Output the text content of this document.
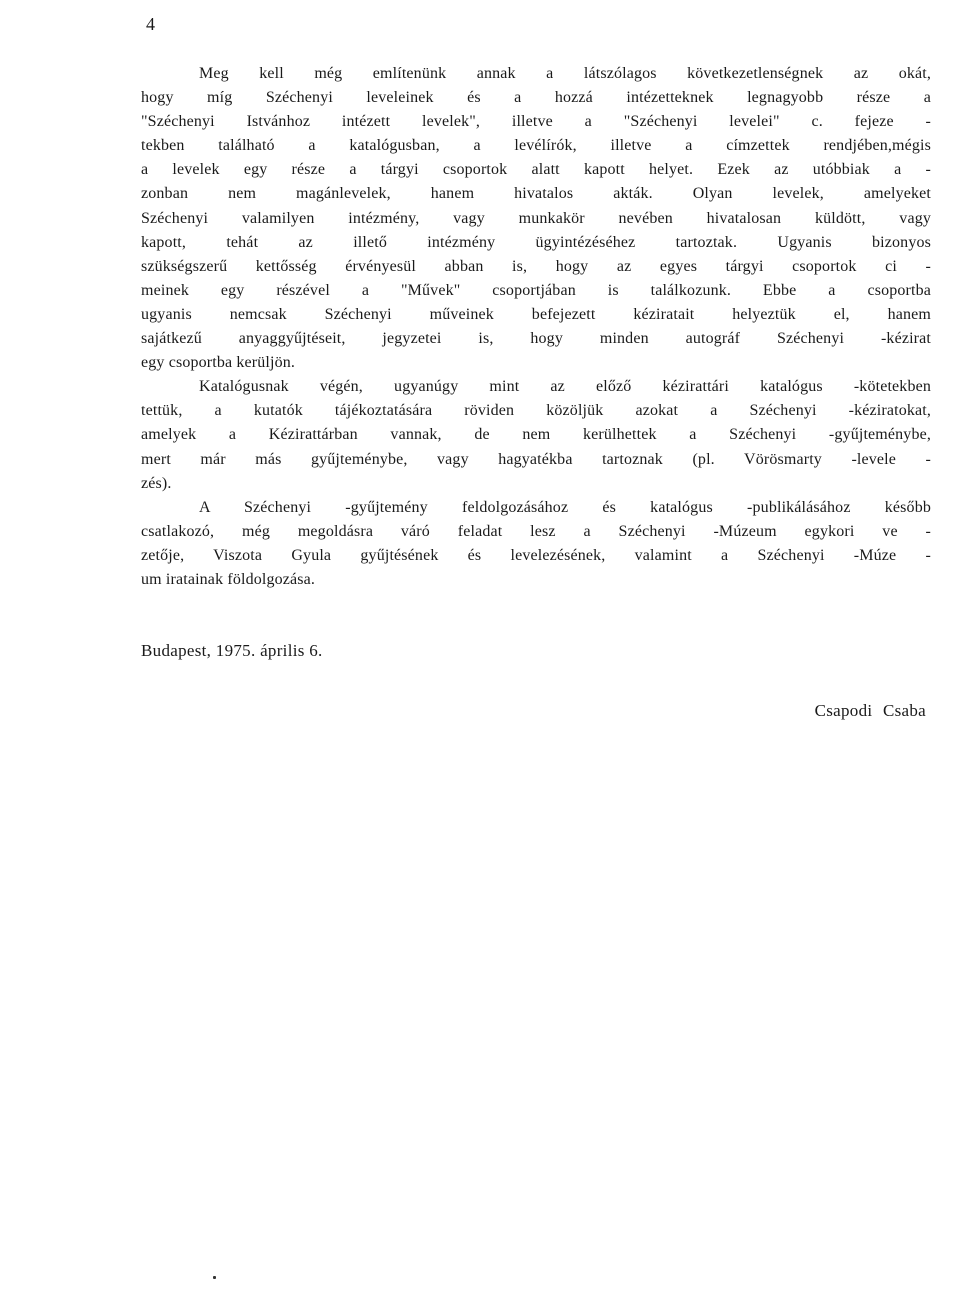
4
Meg kell még említenünk annak a látszólagos következetlenségnek az okát,
hogy míg Széchenyi leveleinek és a hozzá intézetteknek legnagyobb része a
"Széchenyi Istvánhoz intézett levelek", illetve a "Széchenyi levelei" c. fejeze -
tekben található a katalógusban, a levélírók, illetve a címzettek rendjében,mégis
a levelek egy része a tárgyi csoportok alatt kapott helyet. Ezek az utóbbiak a -
zonban nem magánlevelek, hanem hivatalos akták. Olyan levelek, amelyeket
Széchenyi valamilyen intézmény, vagy munkakör nevében hivatalosan küldött, vagy
kapott, tehát az illető intézmény ügyintézéséhez tartoztak. Ugyanis bizonyos
szükségszerű kettősség érvényesül abban is, hogy az egyes tárgyi csoportok ci -
meinek egy részével a "Művek" csoportjában is találkozunk. Ebbe a csoportba
ugyanis nemcsak Széchenyi műveinek befejezett kéziratait helyeztük el, hanem
sajátkezű anyaggyűjtéseit, jegyzetei is, hogy minden autográf Széchenyi -kézirat
egy csoportba kerüljön.
Katalógusnak végén, ugyanúgy mint az előző kézirattári katalógus -kötetekben
tettük, a kutatók tájékoztatására röviden közöljük azokat a Széchenyi -kéziratokat,
amelyek a Kézirattárban vannak, de nem kerülhettek a Széchenyi -gyűjteménybe,
mert már más gyűjteménybe, vagy hagyatékba tartoznak (pl. Vörösmarty -levele -
zés).
A Széchenyi -gyűjtemény feldolgozásához és katalógus -publikálásához később
csatlakozó, még megoldásra váró feladat lesz a Széchenyi -Múzeum egykori ve -
zetője, Viszota Gyula gyűjtésének és levelezésének, valamint a Széchenyi -Múze -
um iratainak földolgozása.
Budapest, 1975. április 6.
Csapodi Csaba
